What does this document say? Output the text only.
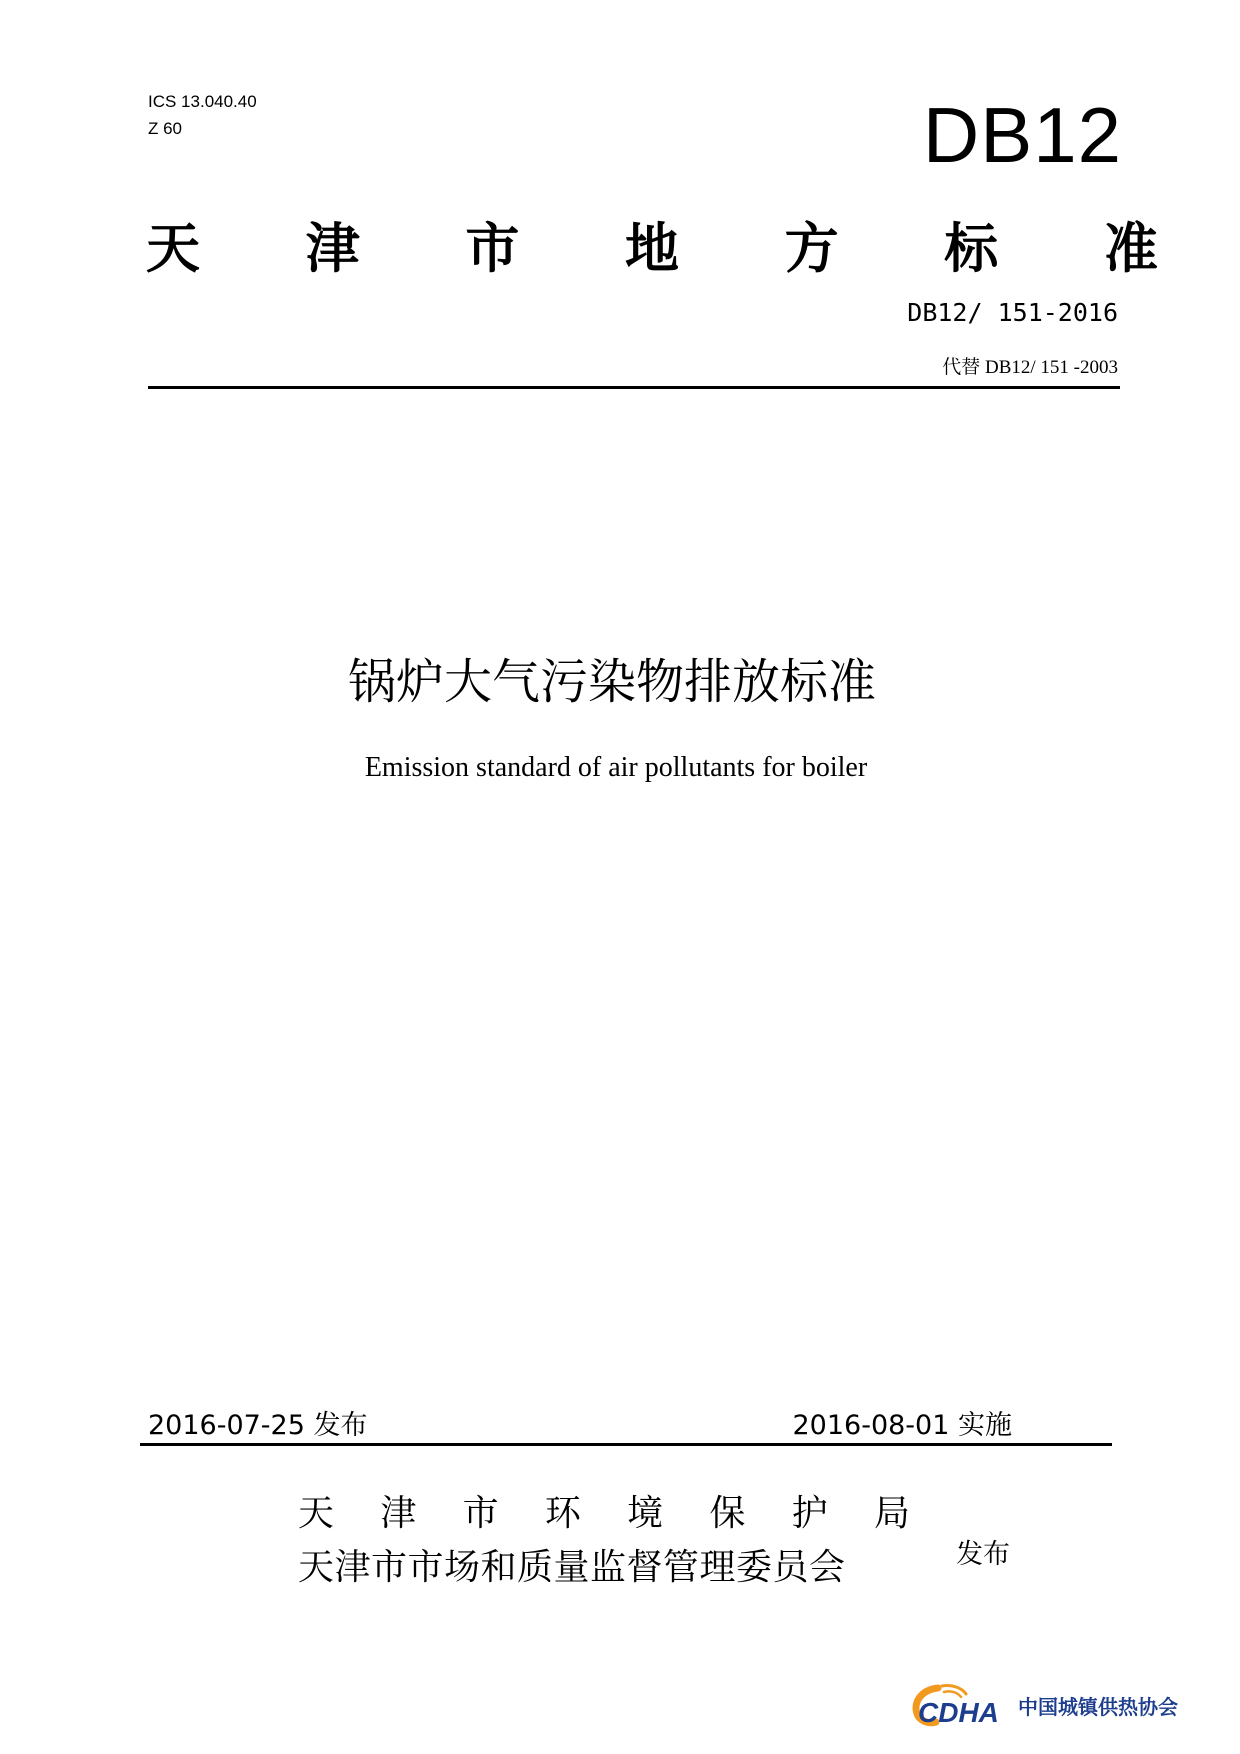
ICS 13.040.40
Z 60	DB12
天 津 市 地 方 标 准
DB12/ 151-2016
代替 DB12/ 151 -2003
锅炉大气污染物排放标准
Emission standard of air pollutants for boiler
2016-07-25 发布	2016-08-01 实施
天 津 市 环 境 保 护 局
天津市市场和质量监督管理委员会	发布
CDHA 中国城镇供热协会
